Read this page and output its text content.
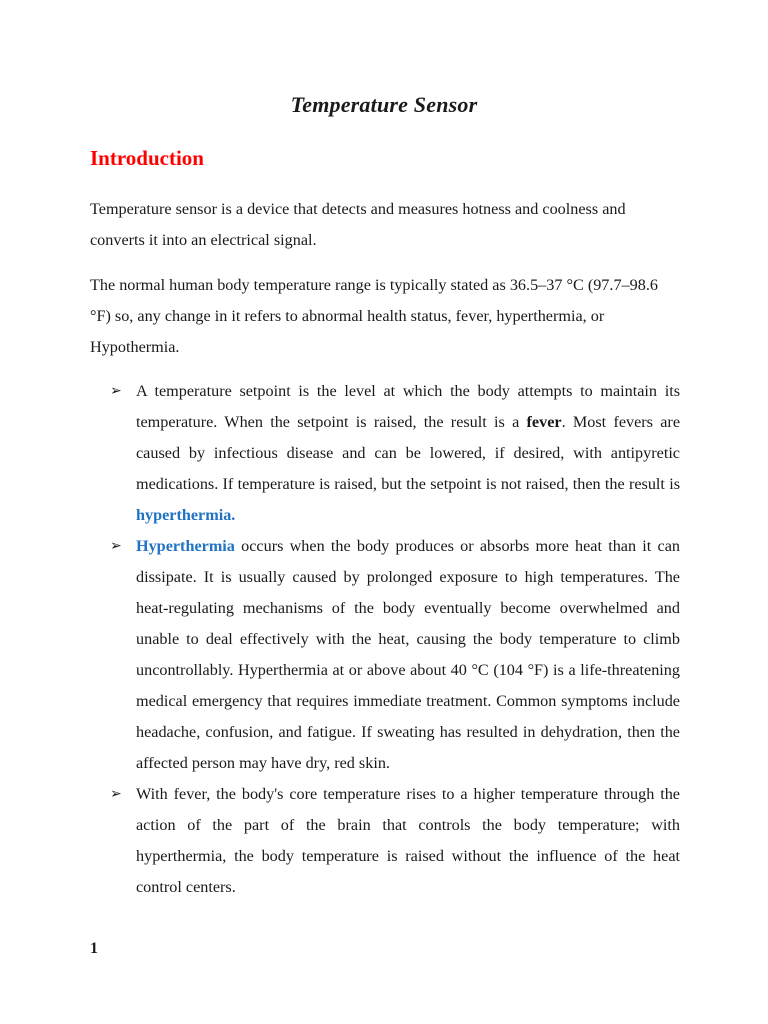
Temperature Sensor
Introduction

Temperature sensor is a device that detects and measures hotness and coolness and converts it into an electrical signal.

The normal human body temperature range is typically stated as 36.5–37 °C (97.7–98.6 °F) so, any change in it refers to abnormal health status, fever, hyperthermia, or Hypothermia.

➢ A temperature setpoint is the level at which the body attempts to maintain its temperature. When the setpoint is raised, the result is a fever. Most fevers are caused by infectious disease and can be lowered, if desired, with antipyretic medications. If temperature is raised, but the setpoint is not raised, then the result is hyperthermia.
➢ Hyperthermia occurs when the body produces or absorbs more heat than it can dissipate. It is usually caused by prolonged exposure to high temperatures. The heat-regulating mechanisms of the body eventually become overwhelmed and unable to deal effectively with the heat, causing the body temperature to climb uncontrollably. Hyperthermia at or above about 40 °C (104 °F) is a life-threatening medical emergency that requires immediate treatment. Common symptoms include headache, confusion, and fatigue. If sweating has resulted in dehydration, then the affected person may have dry, red skin.
➢ With fever, the body's core temperature rises to a higher temperature through the action of the part of the brain that controls the body temperature; with hyperthermia, the body temperature is raised without the influence of the heat control centers.
1
